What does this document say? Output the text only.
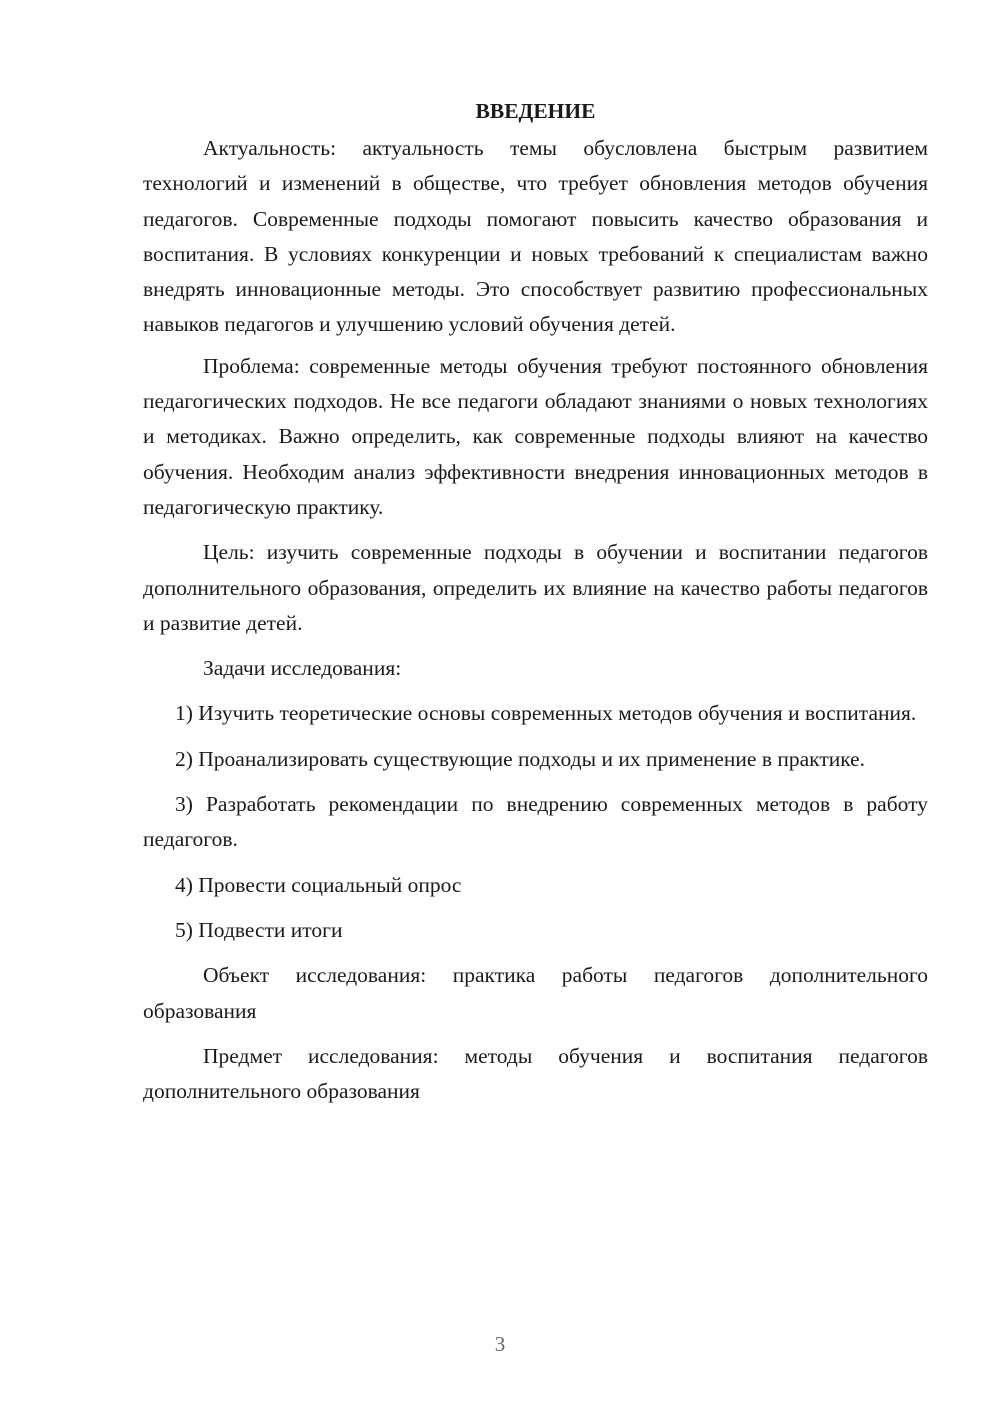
ВВЕДЕНИЕ

Актуальность: актуальность темы обусловлена быстрым развитием технологий и изменений в обществе, что требует обновления методов обучения педагогов. Современные подходы помогают повысить качество образования и воспитания. В условиях конкуренции и новых требований к специалистам важно внедрять инновационные методы. Это способствует развитию профессиональных навыков педагогов и улучшению условий обучения детей.

Проблема: современные методы обучения требуют постоянного обновления педагогических подходов. Не все педагоги обладают знаниями о новых технологиях и методиках. Важно определить, как современные подходы влияют на качество обучения. Необходим анализ эффективности внедрения инновационных методов в педагогическую практику.

Цель: изучить современные подходы в обучении и воспитании педагогов дополнительного образования, определить их влияние на качество работы педагогов и развитие детей.

Задачи исследования:

1) Изучить теоретические основы современных методов обучения и воспитания.

2) Проанализировать существующие подходы и их применение в практике.

3) Разработать рекомендации по внедрению современных методов в работу педагогов.

4) Провести социальный опрос

5) Подвести итоги

Объект исследования: практика работы педагогов дополнительного образования

Предмет исследования: методы обучения и воспитания педагогов дополнительного образования

3
